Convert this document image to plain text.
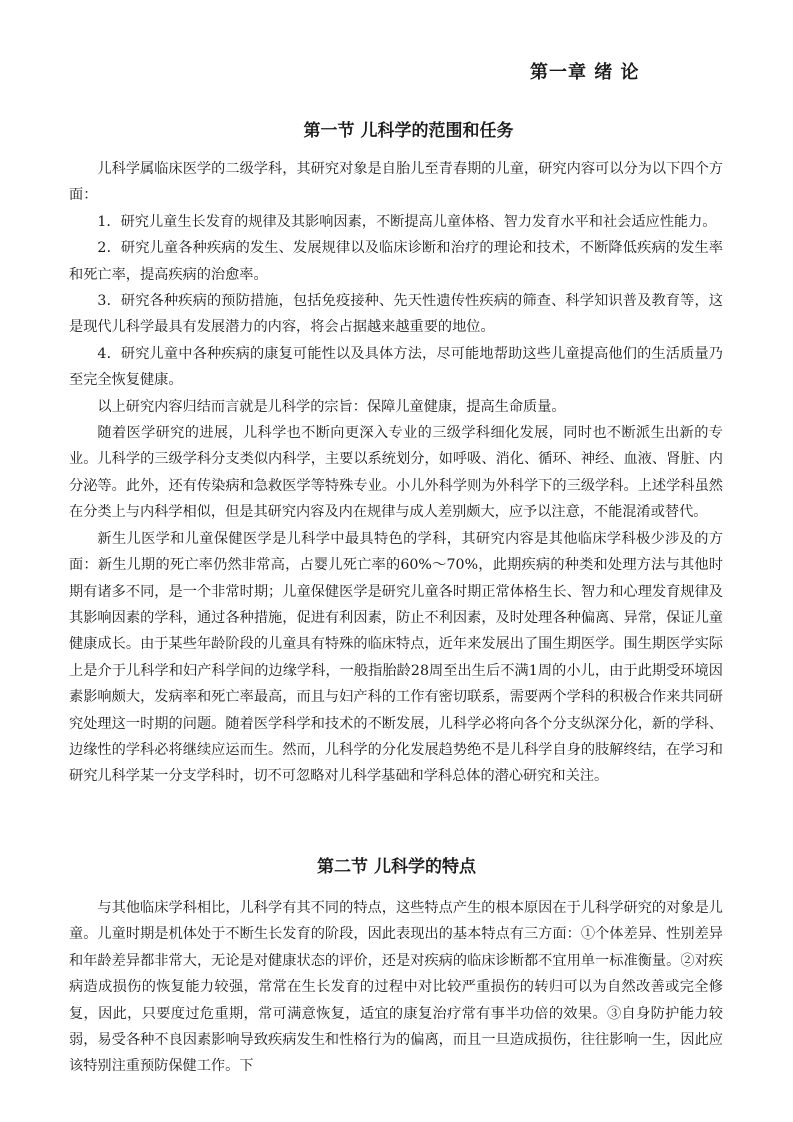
第一章 绪 论
第一节 儿科学的范围和任务

儿科学属临床医学的二级学科，其研究对象是自胎儿至青春期的儿童，研究内容可以分为以下四个方面：

1．研究儿童生长发育的规律及其影响因素，不断提高儿童体格、智力发育水平和社会适应性能力。

2．研究儿童各种疾病的发生、发展规律以及临床诊断和治疗的理论和技术，不断降低疾病的发生率和死亡率，提高疾病的治愈率。

3．研究各种疾病的预防措施，包括免疫接种、先天性遗传性疾病的筛查、科学知识普及教育等，这是现代儿科学最具有发展潜力的内容，将会占据越来越重要的地位。

4．研究儿童中各种疾病的康复可能性以及具体方法，尽可能地帮助这些儿童提高他们的生活质量乃至完全恢复健康。

以上研究内容归结而言就是儿科学的宗旨：保障儿童健康，提高生命质量。

随着医学研究的进展，儿科学也不断向更深入专业的三级学科细化发展，同时也不断派生出新的专业。儿科学的三级学科分支类似内科学，主要以系统划分，如呼吸、消化、循环、神经、血液、肾脏、内分泌等。此外，还有传染病和急救医学等特殊专业。小儿外科学则为外科学下的三级学科。上述学科虽然在分类上与内科学相似，但是其研究内容及内在规律与成人差别颇大，应予以注意，不能混淆或替代。

新生儿医学和儿童保健医学是儿科学中最具特色的学科，其研究内容是其他临床学科极少涉及的方面：新生儿期的死亡率仍然非常高，占婴儿死亡率的60%～70%，此期疾病的种类和处理方法与其他时期有诸多不同，是一个非常时期；儿童保健医学是研究儿童各时期正常体格生长、智力和心理发育规律及其影响因素的学科，通过各种措施，促进有利因素，防止不利因素，及时处理各种偏离、异常，保证儿童健康成长。由于某些年龄阶段的儿童具有特殊的临床特点，近年来发展出了围生期医学。围生期医学实际上是介于儿科学和妇产科学间的边缘学科，一般指胎龄28周至出生后不满1周的小儿，由于此期受环境因素影响颇大，发病率和死亡率最高，而且与妇产科的工作有密切联系，需要两个学科的积极合作来共同研究处理这一时期的问题。随着医学科学和技术的不断发展，儿科学必将向各个分支纵深分化，新的学科、边缘性的学科必将继续应运而生。然而，儿科学的分化发展趋势绝不是儿科学自身的肢解终结，在学习和研究儿科学某一分支学科时，切不可忽略对儿科学基础和学科总体的潜心研究和关注。

第二节 儿科学的特点

与其他临床学科相比，儿科学有其不同的特点，这些特点产生的根本原因在于儿科学研究的对象是儿童。儿童时期是机体处于不断生长发育的阶段，因此表现出的基本特点有三方面：①个体差异、性别差异和年龄差异都非常大，无论是对健康状态的评价，还是对疾病的临床诊断都不宜用单一标准衡量。②对疾病造成损伤的恢复能力较强，常常在生长发育的过程中对比较严重损伤的转归可以为自然改善或完全修复，因此，只要度过危重期，常可满意恢复，适宜的康复治疗常有事半功倍的效果。③自身防护能力较弱，易受各种不良因素影响导致疾病发生和性格行为的偏离，而且一旦造成损伤，往往影响一生，因此应该特别注重预防保健工作。下
